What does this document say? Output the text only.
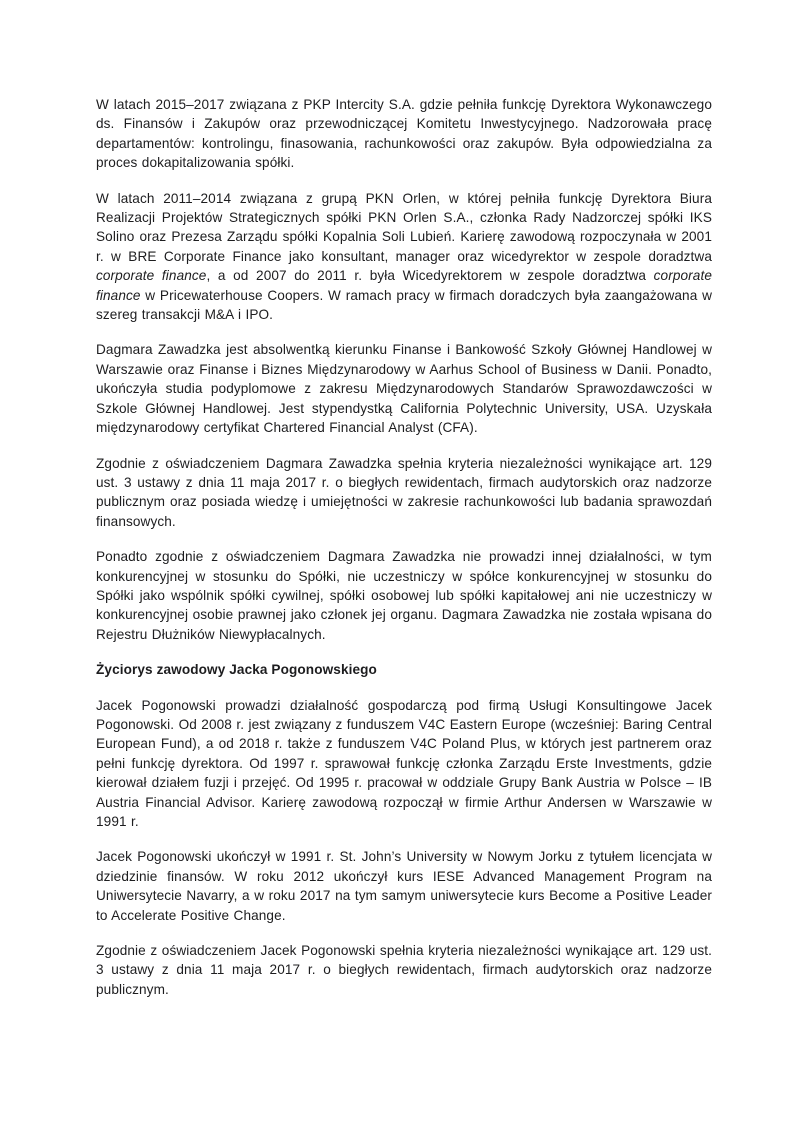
W latach 2015–2017 związana z PKP Intercity S.A. gdzie pełniła funkcję Dyrektora Wykonawczego ds. Finansów i Zakupów oraz przewodniczącej Komitetu Inwestycyjnego. Nadzorowała pracę departamentów: kontrolingu, finasowania, rachunkowości oraz zakupów. Była odpowiedzialna za proces dokapitalizowania spółki.

W latach 2011–2014 związana z grupą PKN Orlen, w której pełniła funkcję Dyrektora Biura Realizacji Projektów Strategicznych spółki PKN Orlen S.A., członka Rady Nadzorczej spółki IKS Solino oraz Prezesa Zarządu spółki Kopalnia Soli Lubień. Karierę zawodową rozpoczynała w 2001 r. w BRE Corporate Finance jako konsultant, manager oraz wicedyrektor w zespole doradztwa corporate finance, a od 2007 do 2011 r. była Wicedyrektorem w zespole doradztwa corporate finance w Pricewaterhouse Coopers. W ramach pracy w firmach doradczych była zaangażowana w szereg transakcji M&A i IPO.

Dagmara Zawadzka jest absolwentką kierunku Finanse i Bankowość Szkoły Głównej Handlowej w Warszawie oraz Finanse i Biznes Międzynarodowy w Aarhus School of Business w Danii. Ponadto, ukończyła studia podyplomowe z zakresu Międzynarodowych Standarów Sprawozdawczości w Szkole Głównej Handlowej. Jest stypendystką California Polytechnic University, USA. Uzyskała międzynarodowy certyfikat Chartered Financial Analyst (CFA).

Zgodnie z oświadczeniem Dagmara Zawadzka spełnia kryteria niezależności wynikające art. 129 ust. 3 ustawy z dnia 11 maja 2017 r. o biegłych rewidentach, firmach audytorskich oraz nadzorze publicznym oraz posiada wiedzę i umiejętności w zakresie rachunkowości lub badania sprawozdań finansowych.

Ponadto zgodnie z oświadczeniem Dagmara Zawadzka nie prowadzi innej działalności, w tym konkurencyjnej w stosunku do Spółki, nie uczestniczy w spółce konkurencyjnej w stosunku do Spółki jako wspólnik spółki cywilnej, spółki osobowej lub spółki kapitałowej ani nie uczestniczy w konkurencyjnej osobie prawnej jako członek jej organu. Dagmara Zawadzka nie została wpisana do Rejestru Dłużników Niewypłacalnych.

Życiorys zawodowy Jacka Pogonowskiego

Jacek Pogonowski prowadzi działalność gospodarczą pod firmą Usługi Konsultingowe Jacek Pogonowski. Od 2008 r. jest związany z funduszem V4C Eastern Europe (wcześniej: Baring Central European Fund), a od 2018 r. także z funduszem V4C Poland Plus, w których jest partnerem oraz pełni funkcję dyrektora. Od 1997 r. sprawował funkcję członka Zarządu Erste Investments, gdzie kierował działem fuzji i przejęć. Od 1995 r. pracował w oddziale Grupy Bank Austria w Polsce – IB Austria Financial Advisor. Karierę zawodową rozpoczął w firmie Arthur Andersen w Warszawie w 1991 r.

Jacek Pogonowski ukończył w 1991 r. St. John’s University w Nowym Jorku z tytułem licencjata w dziedzinie finansów. W roku 2012 ukończył kurs IESE Advanced Management Program na Uniwersytecie Navarry, a w roku 2017 na tym samym uniwersytecie kurs Become a Positive Leader to Accelerate Positive Change.

Zgodnie z oświadczeniem Jacek Pogonowski spełnia kryteria niezależności wynikające art. 129 ust. 3 ustawy z dnia 11 maja 2017 r. o biegłych rewidentach, firmach audytorskich oraz nadzorze publicznym.
